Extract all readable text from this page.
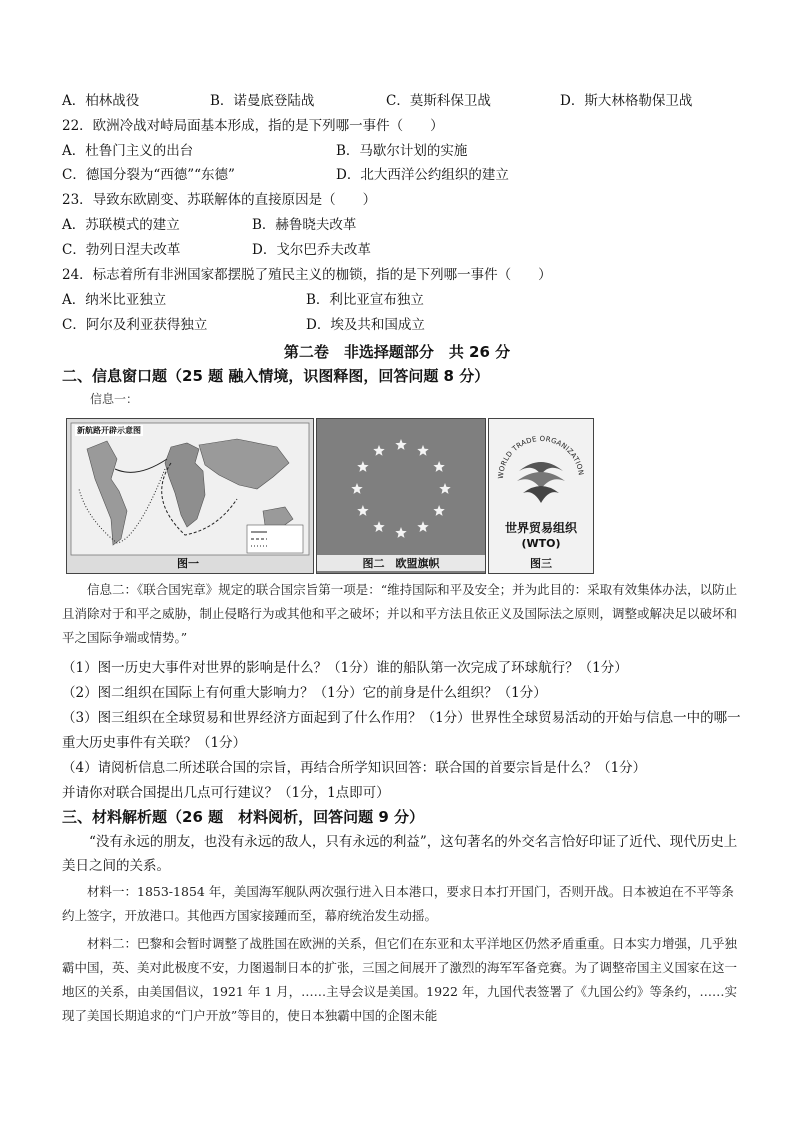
A．柏林战役	B．诺曼底登陆战	C．莫斯科保卫战	D．斯大林格勒保卫战
22．欧洲冷战对峙局面基本形成，指的是下列哪一事件（　　）
A．杜鲁门主义的出台	B．马歇尔计划的实施
C．德国分裂为“西德”“东德”	D．北大西洋公约组织的建立
23．导致东欧剧变、苏联解体的直接原因是（　　）
A．苏联模式的建立	B．赫鲁晓夫改革
C．勃列日涅夫改革	D．戈尔巴乔夫改革
24．标志着所有非洲国家都摆脱了殖民主义的枷锁，指的是下列哪一事件（　　）
A．纳米比亚独立	B．利比亚宣布独立
C．阿尔及利亚获得独立	D．埃及共和国成立
第二卷　非选择题部分　共 26 分
二、信息窗口题（25 题 融入情境，识图释图，回答问题 8 分）
信息一：
新航路开辟示意图
图一	图二　欧盟旗帜
WORLD TRADE ORGANIZATION
世界贸易组织
(WTO)
图三
信息二：《联合国宪章》规定的联合国宗旨第一项是：“维持国际和平及安全；并为此目的：采取有效集体办法，以防止且消除对于和平之威胁，制止侵略行为或其他和平之破坏；并以和平方法且依正义及国际法之原则，调整或解决足以破坏和平之国际争端或情势。”
（1）图一历史大事件对世界的影响是什么？（1分）谁的船队第一次完成了环球航行？（1分）
（2）图二组织在国际上有何重大影响力？（1分）它的前身是什么组织？（1分）
（3）图三组织在全球贸易和世界经济方面起到了什么作用？（1分）世界性全球贸易活动的开始与信息一中的哪一重大历史事件有关联？（1分）
（4）请阅析信息二所述联合国的宗旨，再结合所学知识回答：联合国的首要宗旨是什么？（1分）
并请你对联合国提出几点可行建议？（1分，1点即可）
三、材料解析题（26 题　材料阅析，回答问题 9 分）
“没有永远的朋友，也没有永远的敌人，只有永远的利益”，这句著名的外交名言恰好印证了近代、现代历史上美日之间的关系。
材料一：1853-1854 年，美国海军舰队两次强行进入日本港口，要求日本打开国门，否则开战。日本被迫在不平等条约上签字，开放港口。其他西方国家接踵而至，幕府统治发生动摇。
材料二：巴黎和会暂时调整了战胜国在欧洲的关系，但它们在东亚和太平洋地区仍然矛盾重重。日本实力增强，几乎独霸中国，英、美对此极度不安，力图遏制日本的扩张，三国之间展开了激烈的海军军备竞赛。为了调整帝国主义国家在这一地区的关系，由美国倡议，1921 年 1 月，……主导会议是美国。1922 年，九国代表签署了《九国公约》等条约，……实现了美国长期追求的“门户开放”等目的，使日本独霸中国的企图未能
